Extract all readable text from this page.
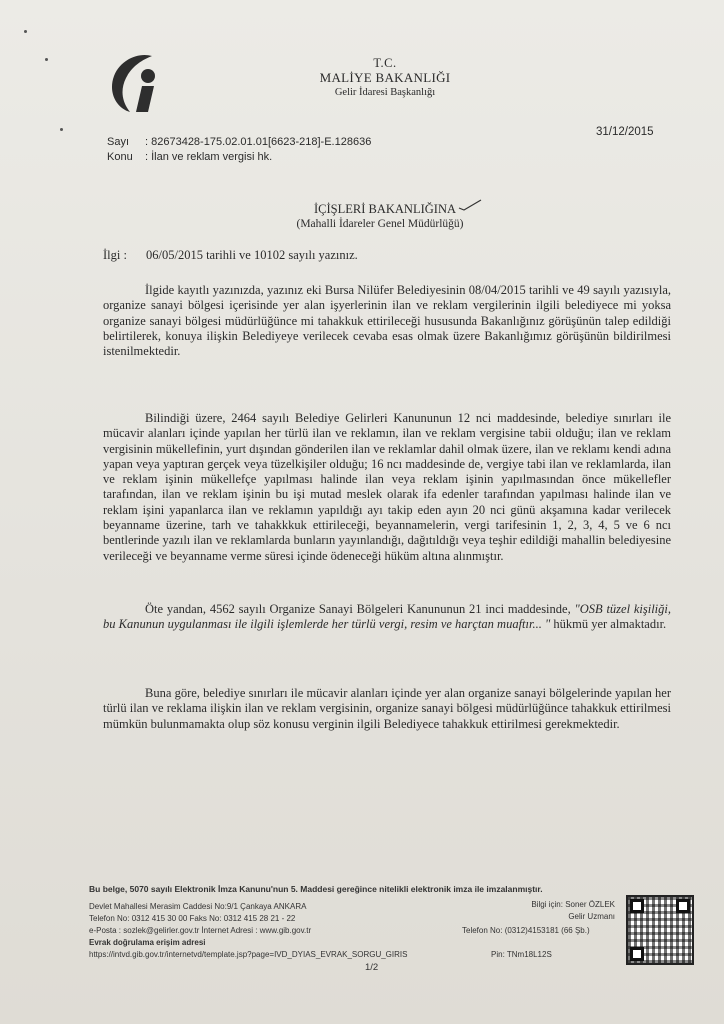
T.C.
MALİYE BAKANLIĞI
Gelir İdaresi Başkanlığı
Sayı : 82673428-175.02.01.01[6623-218]-E.128636
Konu : İlan ve reklam vergisi hk.
31/12/2015
İÇİŞLERİ BAKANLIĞINA
(Mahalli İdareler Genel Müdürlüğü)
İlgi : 06/05/2015 tarihli ve 10102 sayılı yazınız.

İlgide kayıtlı yazınızda, yazınız eki Bursa Nilüfer Belediyesinin 08/04/2015 tarihli ve 49 sayılı yazısıyla, organize sanayi bölgesi içerisinde yer alan işyerlerinin ilan ve reklam vergilerinin ilgili belediyece mi yoksa organize sanayi bölgesi müdürlüğünce mi tahakkuk ettirileceği hususunda Bakanlığınız görüşünün talep edildiği belirtilerek, konuya ilişkin Belediyeye verilecek cevaba esas olmak üzere Bakanlığımız görüşünün bildirilmesi istenilmektedir.

Bilindiği üzere, 2464 sayılı Belediye Gelirleri Kanununun 12 nci maddesinde, belediye sınırları ile mücavir alanları içinde yapılan her türlü ilan ve reklamın, ilan ve reklam vergisine tabii olduğu; ilan ve reklam vergisinin mükellefinin, yurt dışından gönderilen ilan ve reklamlar dahil olmak üzere, ilan ve reklamı kendi adına yapan veya yaptıran gerçek veya tüzelkişiler olduğu; 16 ncı maddesinde de, vergiye tabi ilan ve reklamlarda, ilan ve reklam işinin mükellefçe yapılması halinde ilan veya reklam işinin yapılmasından önce mükellefler tarafından, ilan ve reklam işinin bu işi mutad meslek olarak ifa edenler tarafından yapılması halinde ilan ve reklam işini yapanlarca ilan ve reklamın yapıldığı ayı takip eden ayın 20 nci günü akşamına kadar verilecek beyanname üzerine, tarh ve tahakkkuk ettirileceği, beyannamelerin, vergi tarifesinin 1, 2, 3, 4, 5 ve 6 ncı bentlerinde yazılı ilan ve reklamlarda bunların yayınlandığı, dağıtıldığı veya teşhir edildiği mahallin belediyesine verileceği ve beyanname verme süresi içinde ödeneceği hüküm altına alınmıştır.

Öte yandan, 4562 sayılı Organize Sanayi Bölgeleri Kanununun 21 inci maddesinde, "OSB tüzel kişiliği, bu Kanunun uygulanması ile ilgili işlemlerde her türlü vergi, resim ve harçtan muaftır... " hükmü yer almaktadır.

Buna göre, belediye sınırları ile mücavir alanları içinde yer alan organize sanayi bölgelerinde yapılan her türlü ilan ve reklama ilişkin ilan ve reklam vergisinin, organize sanayi bölgesi müdürlüğünce tahakkuk ettirilmesi mümkün bulunmamakta olup söz konusu verginin ilgili Belediyece tahakkuk ettirilmesi gerekmektedir.

Bu belge, 5070 sayılı Elektronik İmza Kanunu'nun 5. Maddesi gereğince nitelikli elektronik imza ile imzalanmıştır.
Devlet Mahallesi Merasim Caddesi No:9/1 Çankaya ANKARA
Telefon No: 0312 415 30 00 Faks No: 0312 415 28 21 - 22
e-Posta : sozlek@gelirler.gov.tr İnternet Adresi : www.gib.gov.tr
Evrak doğrulama erişim adresi
https://intvd.gib.gov.tr/internetvd/template.jsp?page=IVD_DYIAS_EVRAK_SORGU_GIRIS
Bilgi için: Soner ÖZLEK
Gelir Uzmanı
Telefon No: (0312)4153181 (66 Şb.)
Pin: TNm18L12S
1/2
